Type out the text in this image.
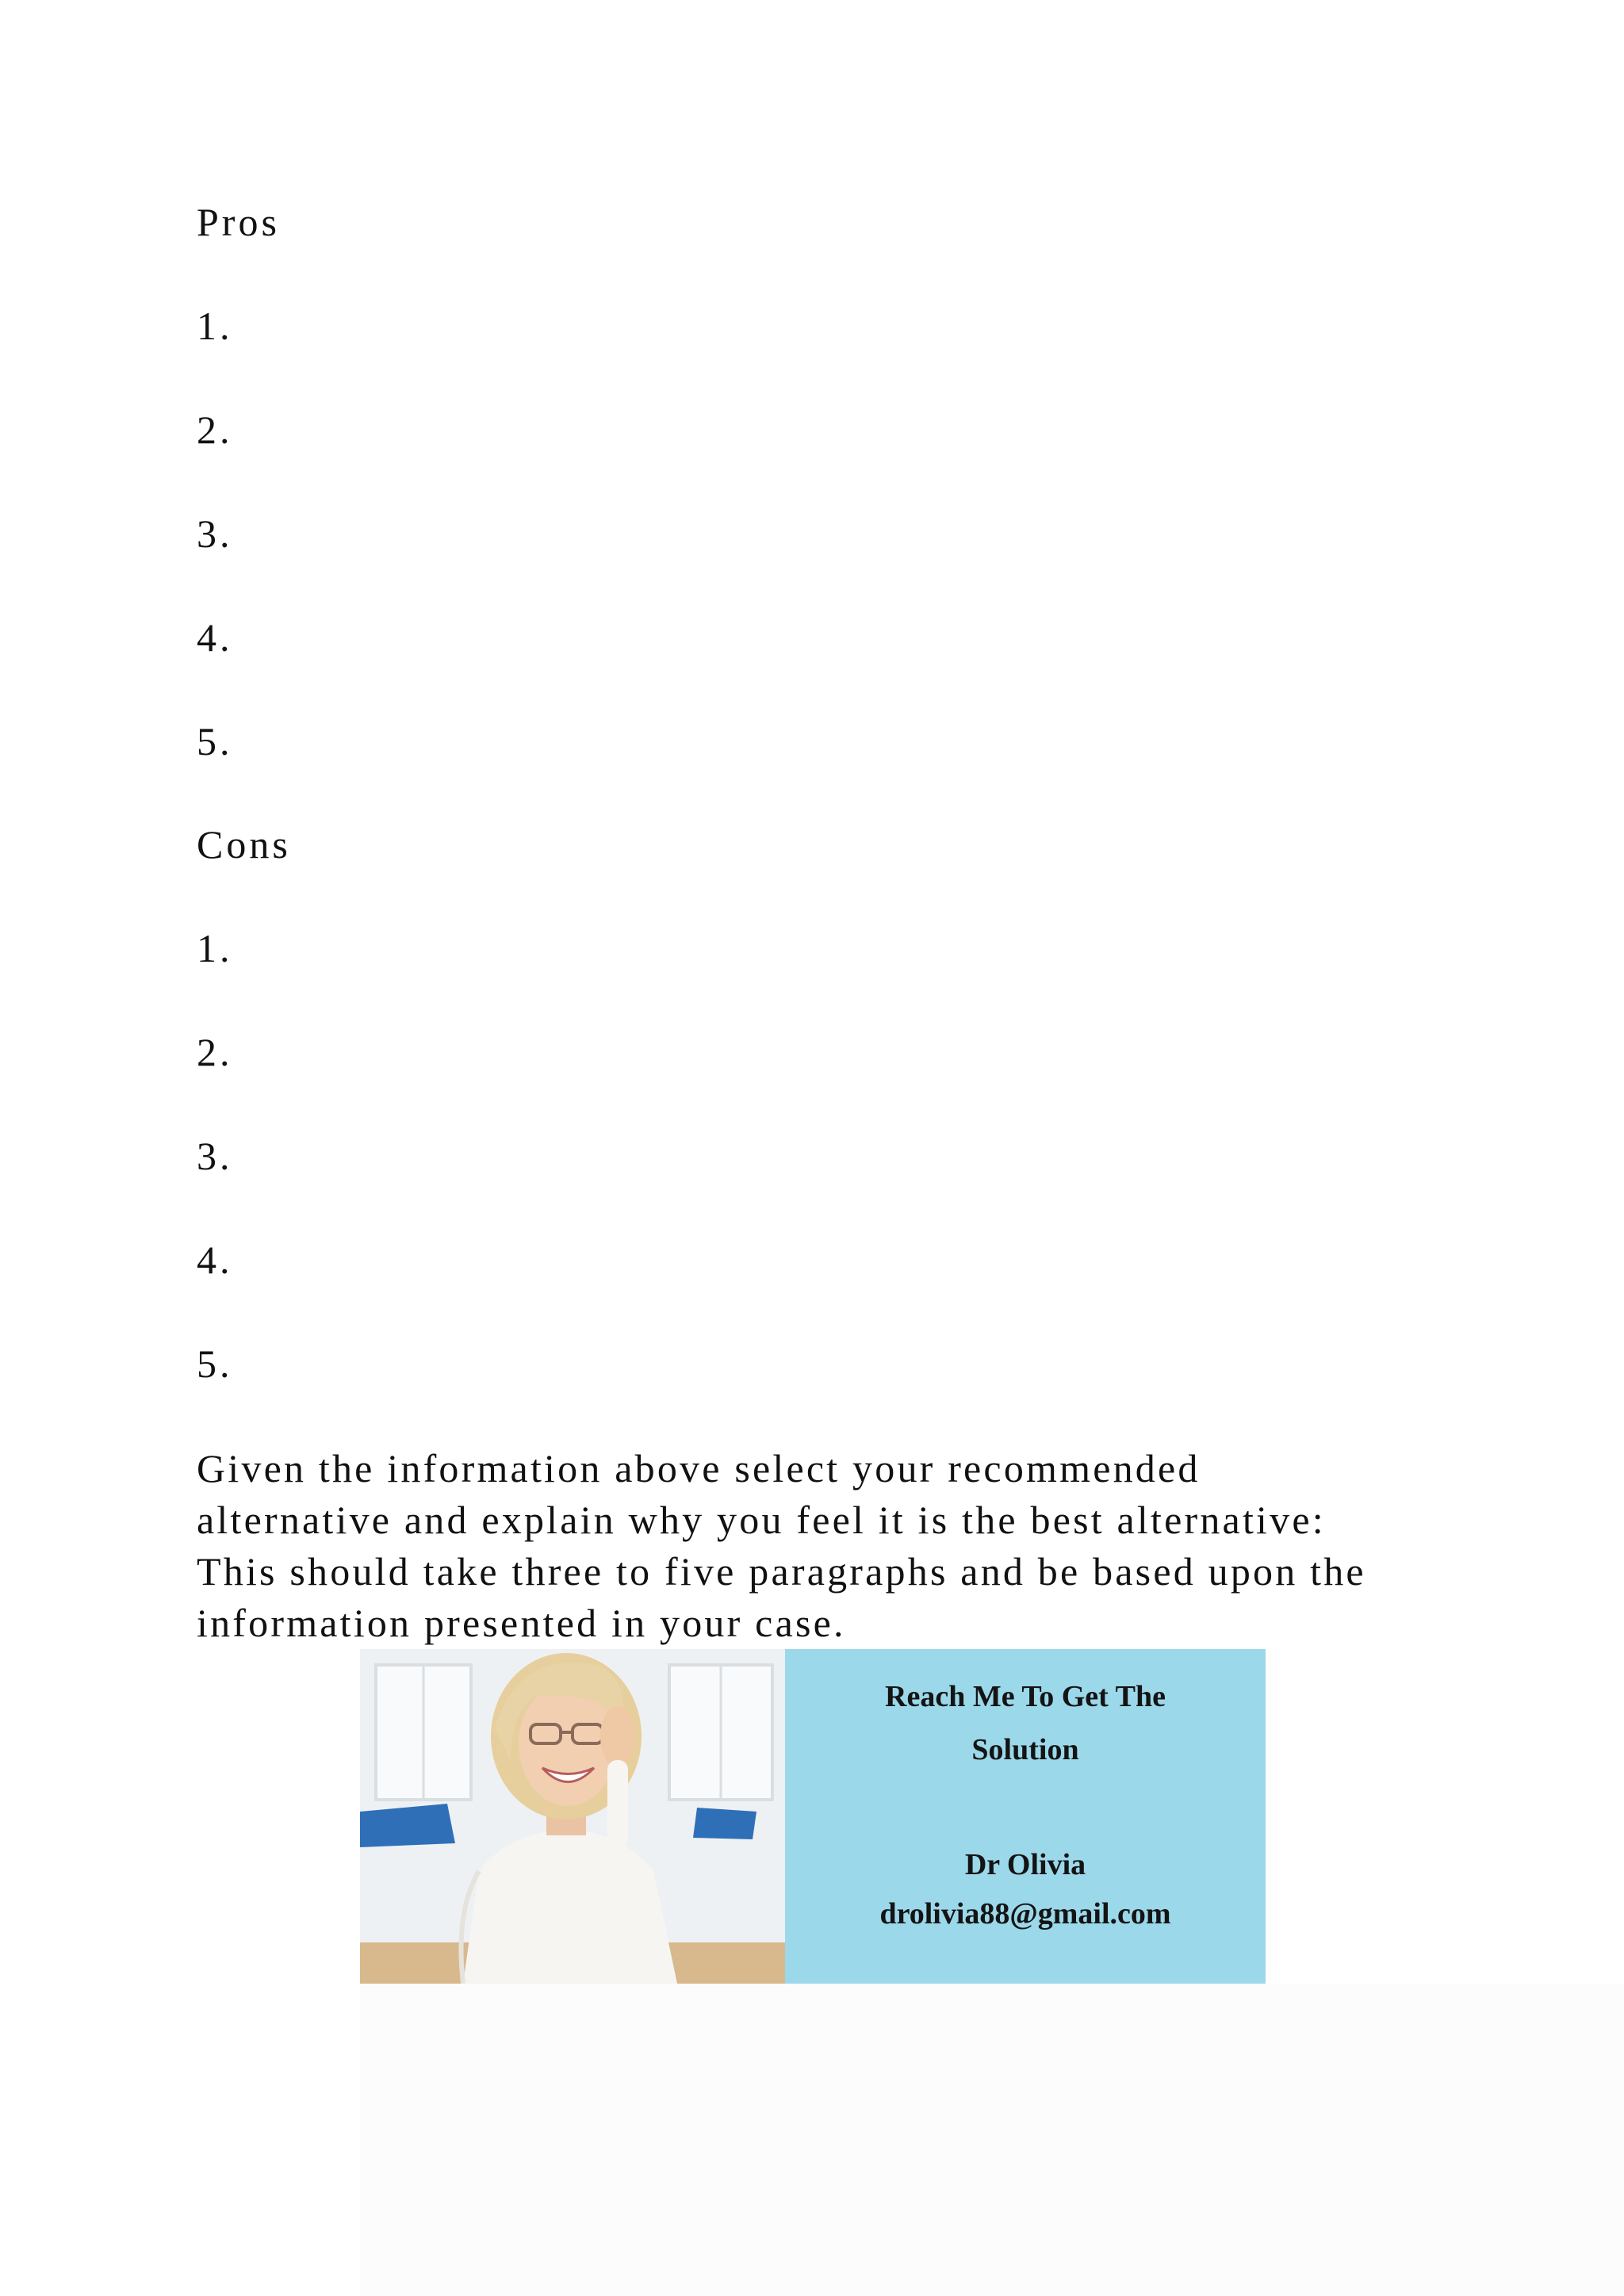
Pros
1.
2.
3.
4.
5.
Cons
1.
2.
3.
4.
5.
Given the information above select your recommended
alternative and explain why you feel it is the best alternative:
This should take three to five paragraphs and be based upon the
information presented in your case.
Reach Me To Get The
Solution
Dr Olivia
drolivia88@gmail.com
